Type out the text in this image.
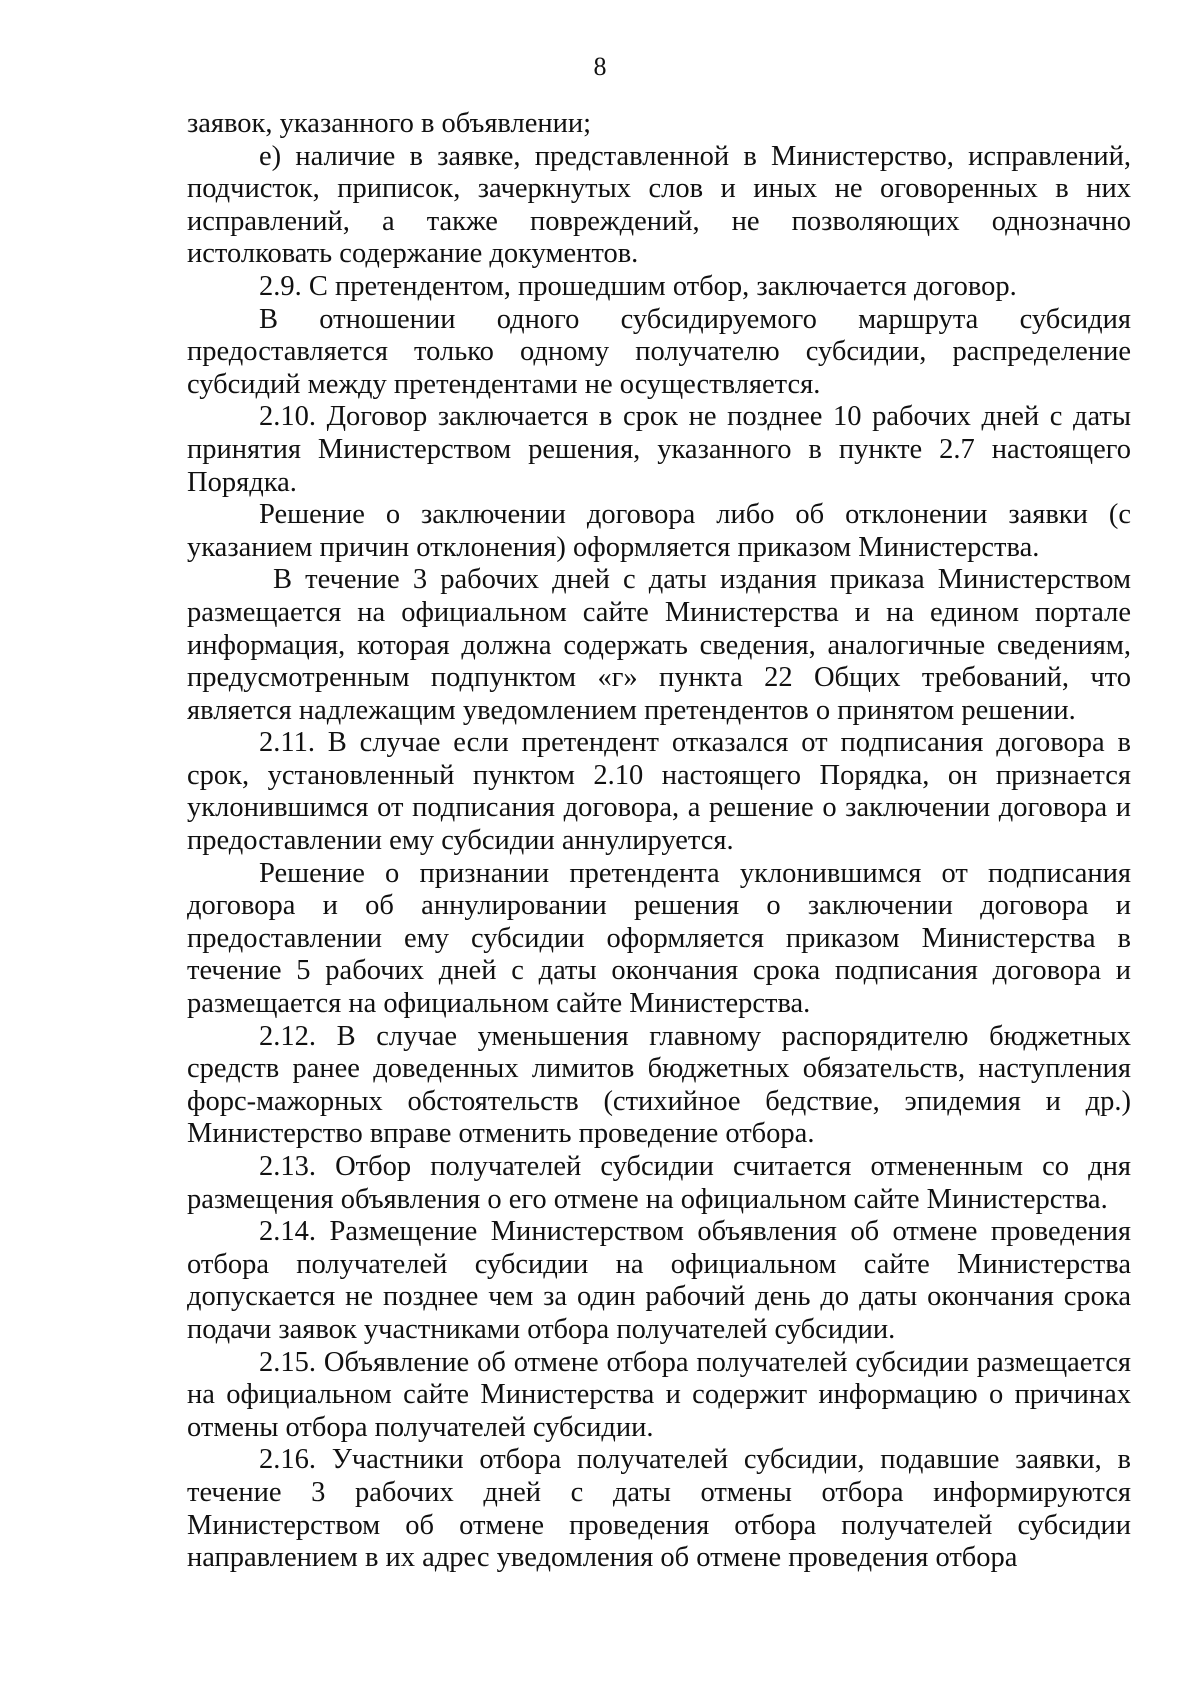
8

заявок, указанного в объявлении;

е) наличие в заявке, представленной в Министерство, исправлений, подчисток, приписок, зачеркнутых слов и иных не оговоренных в них исправлений, а также повреждений, не позволяющих однозначно истолковать содержание документов.

2.9. С претендентом, прошедшим отбор, заключается договор.

В отношении одного субсидируемого маршрута субсидия предоставляется только одному получателю субсидии, распределение субсидий между претендентами не осуществляется.

2.10. Договор заключается в срок не позднее 10 рабочих дней с даты принятия Министерством решения, указанного в пункте 2.7 настоящего Порядка.

Решение о заключении договора либо об отклонении заявки (с указанием причин отклонения) оформляется приказом Министерства.

В течение 3 рабочих дней с даты издания приказа Министерством размещается на официальном сайте Министерства и на едином портале информация, которая должна содержать сведения, аналогичные сведениям, предусмотренным подпунктом «г» пункта 22 Общих требований, что является надлежащим уведомлением претендентов о принятом решении.

2.11. В случае если претендент отказался от подписания договора в срок, установленный пунктом 2.10 настоящего Порядка, он признается уклонившимся от подписания договора, а решение о заключении договора и предоставлении ему субсидии аннулируется.

Решение о признании претендента уклонившимся от подписания договора и об аннулировании решения о заключении договора и предоставлении ему субсидии оформляется приказом Министерства в течение 5 рабочих дней с даты окончания срока подписания договора и размещается на официальном сайте Министерства.

2.12. В случае уменьшения главному распорядителю бюджетных средств ранее доведенных лимитов бюджетных обязательств, наступления форс-мажорных обстоятельств (стихийное бедствие, эпидемия и др.) Министерство вправе отменить проведение отбора.

2.13. Отбор получателей субсидии считается отмененным со дня размещения объявления о его отмене на официальном сайте Министерства.

2.14. Размещение Министерством объявления об отмене проведения отбора получателей субсидии на официальном сайте Министерства допускается не позднее чем за один рабочий день до даты окончания срока подачи заявок участниками отбора получателей субсидии.

2.15. Объявление об отмене отбора получателей субсидии размещается на официальном сайте Министерства и содержит информацию о причинах отмены отбора получателей субсидии.

2.16. Участники отбора получателей субсидии, подавшие заявки, в течение 3 рабочих дней с даты отмены отбора информируются Министерством об отмене проведения отбора получателей субсидии направлением в их адрес уведомления об отмене проведения отбора
